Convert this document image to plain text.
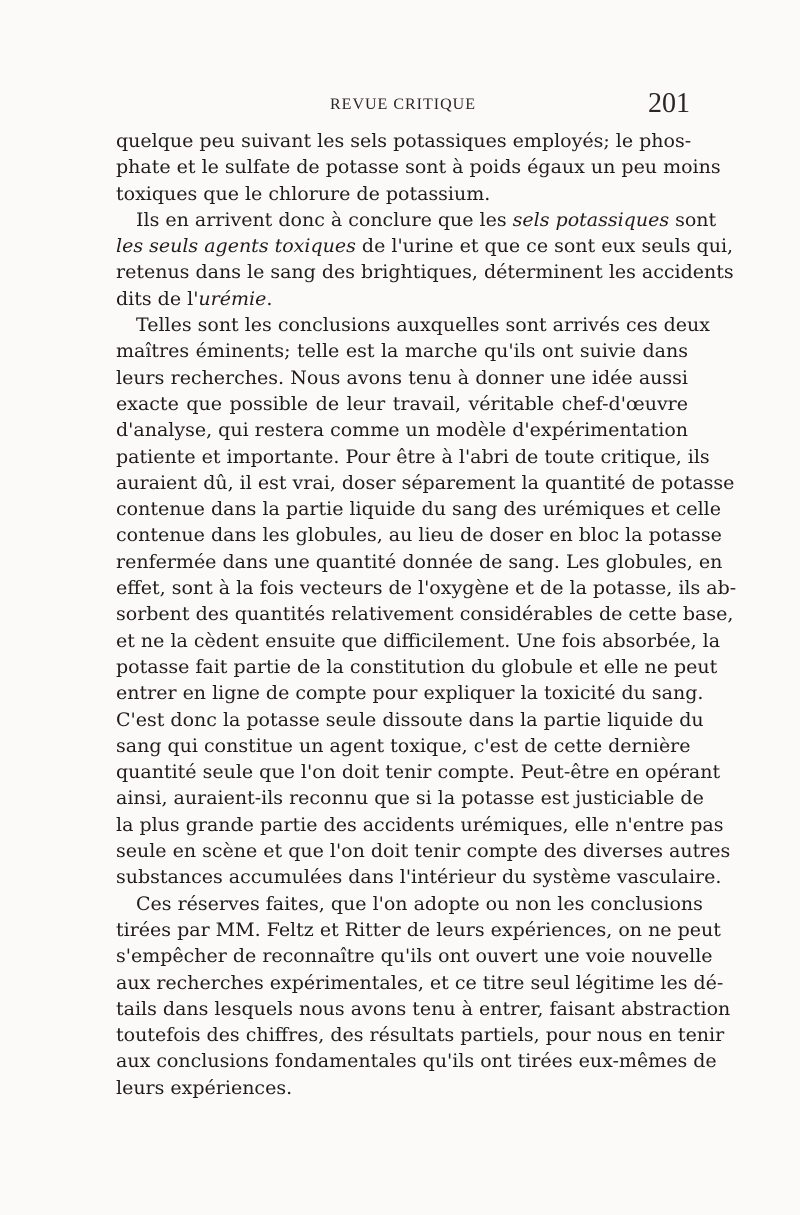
REVUE CRITIQUE	201
quelque peu suivant les sels potassiques employés; le phos-
phate et le sulfate de potasse sont à poids égaux un peu moins
toxiques que le chlorure de potassium.
Ils en arrivent donc à conclure que les sels potassiques sont
les seuls agents toxiques de l'urine et que ce sont eux seuls qui,
retenus dans le sang des brightiques, déterminent les accidents
dits de l'urémie.
Telles sont les conclusions auxquelles sont arrivés ces deux
maîtres éminents; telle est la marche qu'ils ont suivie dans
leurs recherches. Nous avons tenu à donner une idée aussi
exacte que possible de leur travail, véritable chef-d'œuvre
d'analyse, qui restera comme un modèle d'expérimentation
patiente et importante. Pour être à l'abri de toute critique, ils
auraient dû, il est vrai, doser séparement la quantité de potasse
contenue dans la partie liquide du sang des urémiques et celle
contenue dans les globules, au lieu de doser en bloc la potasse
renfermée dans une quantité donnée de sang. Les globules, en
effet, sont à la fois vecteurs de l'oxygène et de la potasse, ils ab-
sorbent des quantités relativement considérables de cette base,
et ne la cèdent ensuite que difficilement. Une fois absorbée, la
potasse fait partie de la constitution du globule et elle ne peut
entrer en ligne de compte pour expliquer la toxicité du sang.
C'est donc la potasse seule dissoute dans la partie liquide du
sang qui constitue un agent toxique, c'est de cette dernière
quantité seule que l'on doit tenir compte. Peut-être en opérant
ainsi, auraient-ils reconnu que si la potasse est justiciable de
la plus grande partie des accidents urémiques, elle n'entre pas
seule en scène et que l'on doit tenir compte des diverses autres
substances accumulées dans l'intérieur du système vasculaire.
Ces réserves faites, que l'on adopte ou non les conclusions
tirées par MM. Feltz et Ritter de leurs expériences, on ne peut
s'empêcher de reconnaître qu'ils ont ouvert une voie nouvelle
aux recherches expérimentales, et ce titre seul légitime les dé-
tails dans lesquels nous avons tenu à entrer, faisant abstraction
toutefois des chiffres, des résultats partiels, pour nous en tenir
aux conclusions fondamentales qu'ils ont tirées eux-mêmes de
leurs expériences.
